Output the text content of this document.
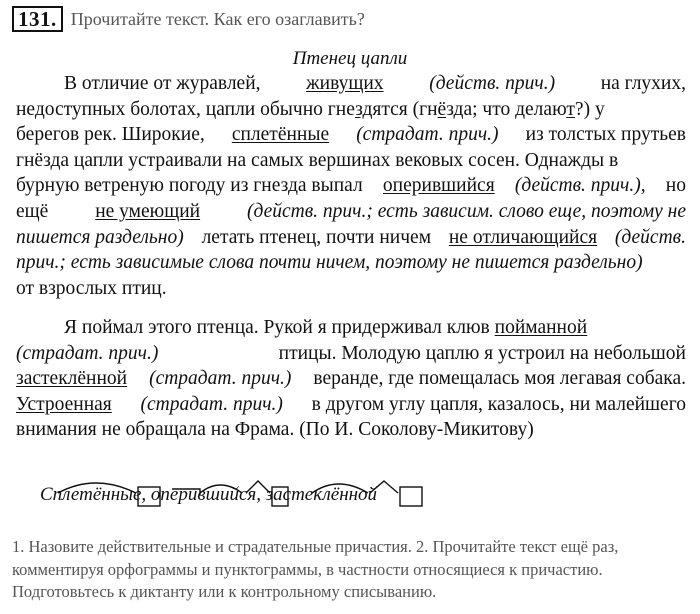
131. Прочитайте текст. Как его озаглавить?
Птенец цапли
В отличие от журавлей, живущих (действ. прич.) на глухих,
недоступных болотах, цапли обычно гнездятся (гнёзда; что делают?) у
берегов рек. Широкие, сплетённые (страдат. прич.) из толстых прутьев
гнёзда цапли устраивали на самых вершинах вековых сосен. Однажды в
бурную ветреную погоду из гнезда выпал оперившийся (действ. прич.), но
ещё не умеющий (действ. прич.; есть зависим. слово еще, поэтому не
пишется раздельно) летать птенец, почти ничем не отличающийся (действ.
прич.; есть зависимые слова почти ничем, поэтому не пишется раздельно)
от взрослых птиц.
Я поймал этого птенца. Рукой я придерживал клюв пойманной
(страдат. прич.)	птицы. Молодую цаплю я устроил на небольшой
застеклённой (страдат. прич.) веранде, где помещалась моя легавая собака.
Устроенная (страдат. прич.) в другом углу цапля, казалось, ни малейшего
внимания не обращала на Фрама. (По И. Соколову-Микитову)
Сплетённые, оперившийся, застеклённой
1. Назовите действительные и страдательные причастия. 2. Прочитайте текст ещё раз,
комментируя орфограммы и пунктограммы, в частности относящиеся к причастию.
Подготовьтесь к диктанту или к контрольному списыванию.
